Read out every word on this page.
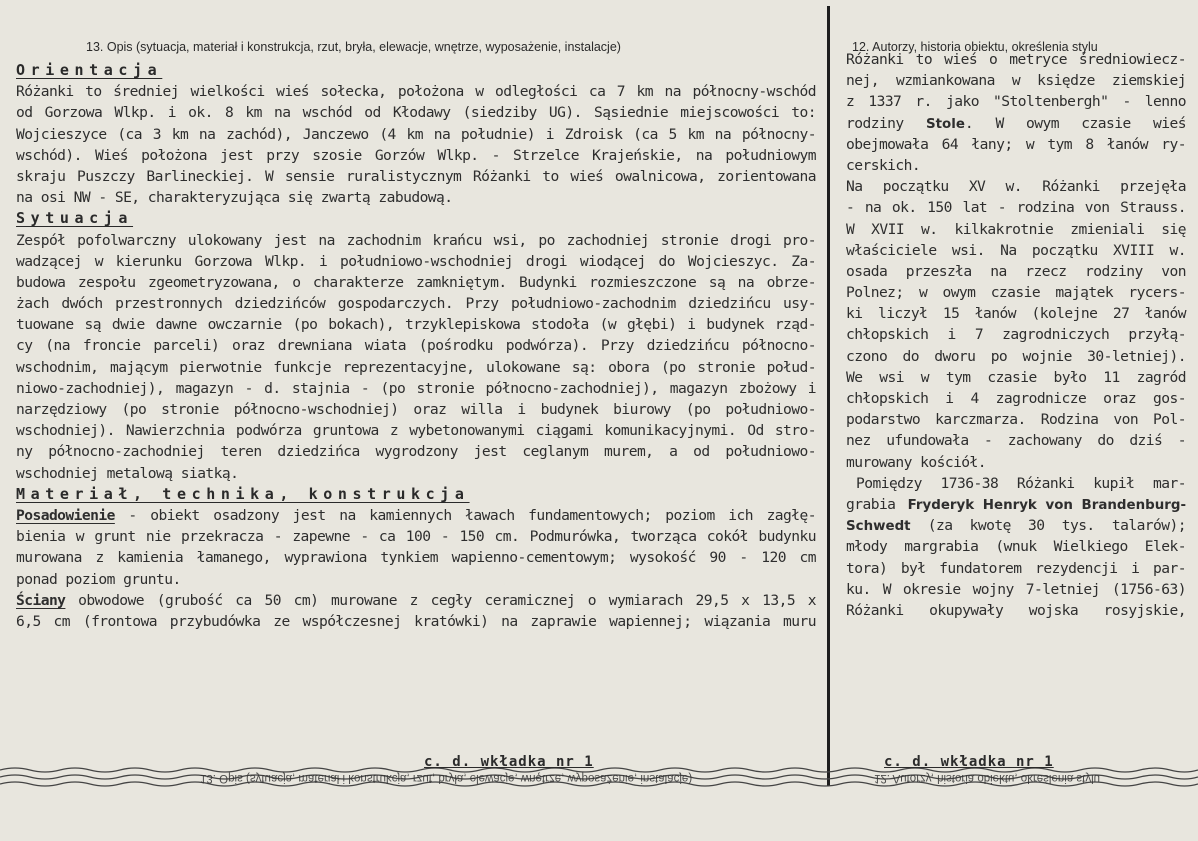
13. Opis (sytuacja, materiał i konstrukcja, rzut, bryła, elewacje, wnętrze, wyposażenie, instalacje)	12. Autorzy, historia obiektu, określenia stylu
Orientacja
Różanki to średniej wielkości wieś sołecka, położona w odległości ca 7 km na północny-wschód
od Gorzowa Wlkp. i ok. 8 km na wschód od Kłodawy (siedziby UG). Sąsiednie miejscowości to:
Wojcieszyce (ca 3 km na zachód), Janczewo (4 km na południe) i Zdroisk (ca 5 km na północny-
wschód). Wieś położona jest przy szosie Gorzów Wlkp. - Strzelce Krajeńskie, na południowym
skraju Puszczy Barlineckiej. W sensie ruralistycznym Różanki to wieś owalnicowa, zorientowana
na osi NW - SE, charakteryzująca się zwartą zabudową.
Sytuacja
Zespół pofolwarczny ulokowany jest na zachodnim krańcu wsi, po zachodniej stronie drogi pro-
wadzącej w kierunku Gorzowa Wlkp. i południowo-wschodniej drogi wiodącej do Wojcieszyc. Za-
budowa zespołu zgeometryzowana, o charakterze zamkniętym. Budynki rozmieszczone są na obrze-
żach dwóch przestronnych dziedzińców gospodarczych. Przy południowo-zachodnim dziedzińcu usy-
tuowane są dwie dawne owczarnie (po bokach), trzyklepiskowa stodoła (w głębi) i budynek rząd-
cy (na froncie parceli) oraz drewniana wiata (pośrodku podwórza). Przy dziedzińcu północno-
wschodnim, mającym pierwotnie funkcje reprezentacyjne, ulokowane są: obora (po stronie połud-
niowo-zachodniej), magazyn - d. stajnia - (po stronie północno-zachodniej), magazyn zbożowy i
narzędziowy (po stronie północno-wschodniej) oraz willa i budynek biurowy (po południowo-
wschodniej). Nawierzchnia podwórza gruntowa z wybetonowanymi ciągami komunikacyjnymi. Od stro-
ny północno-zachodniej teren dziedzińca wygrodzony jest ceglanym murem, a od południowo-
wschodniej metalową siatką.
Materiał, technika, konstrukcja
Posadowienie - obiekt osadzony jest na kamiennych ławach fundamentowych; poziom ich zagłę-
bienia w grunt nie przekracza - zapewne - ca 100 - 150 cm. Podmurówka, tworząca cokół budynku
murowana z kamienia łamanego, wyprawiona tynkiem wapienno-cementowym; wysokość 90 - 120 cm
ponad poziom gruntu.
Ściany obwodowe (grubość ca 50 cm) murowane z cegły ceramicznej o wymiarach 29,5 x 13,5 x
6,5 cm (frontowa przybudówka ze współczesnej kratówki) na zaprawie wapiennej; wiązania muru
Różanki to wieś o metryce średniowiecz-
nej, wzmiankowana w księdze ziemskiej
z 1337 r. jako "Stoltenbergh" - lenno
rodziny Stole. W owym czasie wieś
obejmowała 64 łany; w tym 8 łanów ry-
cerskich.
Na początku XV w. Różanki przejęła
- na ok. 150 lat - rodzina von Strauss.
W XVII w. kilkakrotnie zmieniali się
właściciele wsi. Na początku XVIII w.
osada przeszła na rzecz rodziny von
Polnez; w owym czasie majątek rycers-
ki liczył 15 łanów (kolejne 27 łanów
chłopskich i 7 zagrodniczych przyłą-
czono do dworu po wojnie 30-letniej).
We wsi w tym czasie było 11 zagród
chłopskich i 4 zagrodnicze oraz gos-
podarstwo karczmarza. Rodzina von Pol-
nez ufundowała - zachowany do dziś -
murowany kościół.
Pomiędzy 1736-38 Różanki kupił mar-
grabia Fryderyk Henryk von Brandenburg-
Schwedt (za kwotę 30 tys. talarów);
młody margrabia (wnuk Wielkiego Elek-
tora) był fundatorem rezydencji i par-
ku. W okresie wojny 7-letniej (1756-63)
Różanki okupywały wojska rosyjskie,
c. d. wkładka nr 1	c. d. wkładka nr 1
13. Opis (sytuacja, materiał i konstrukcja, rzut, bryła, elewacje, wnętrze, wyposażenie, instalacje)	12. Autorzy, historia obiektu, określenia stylu
